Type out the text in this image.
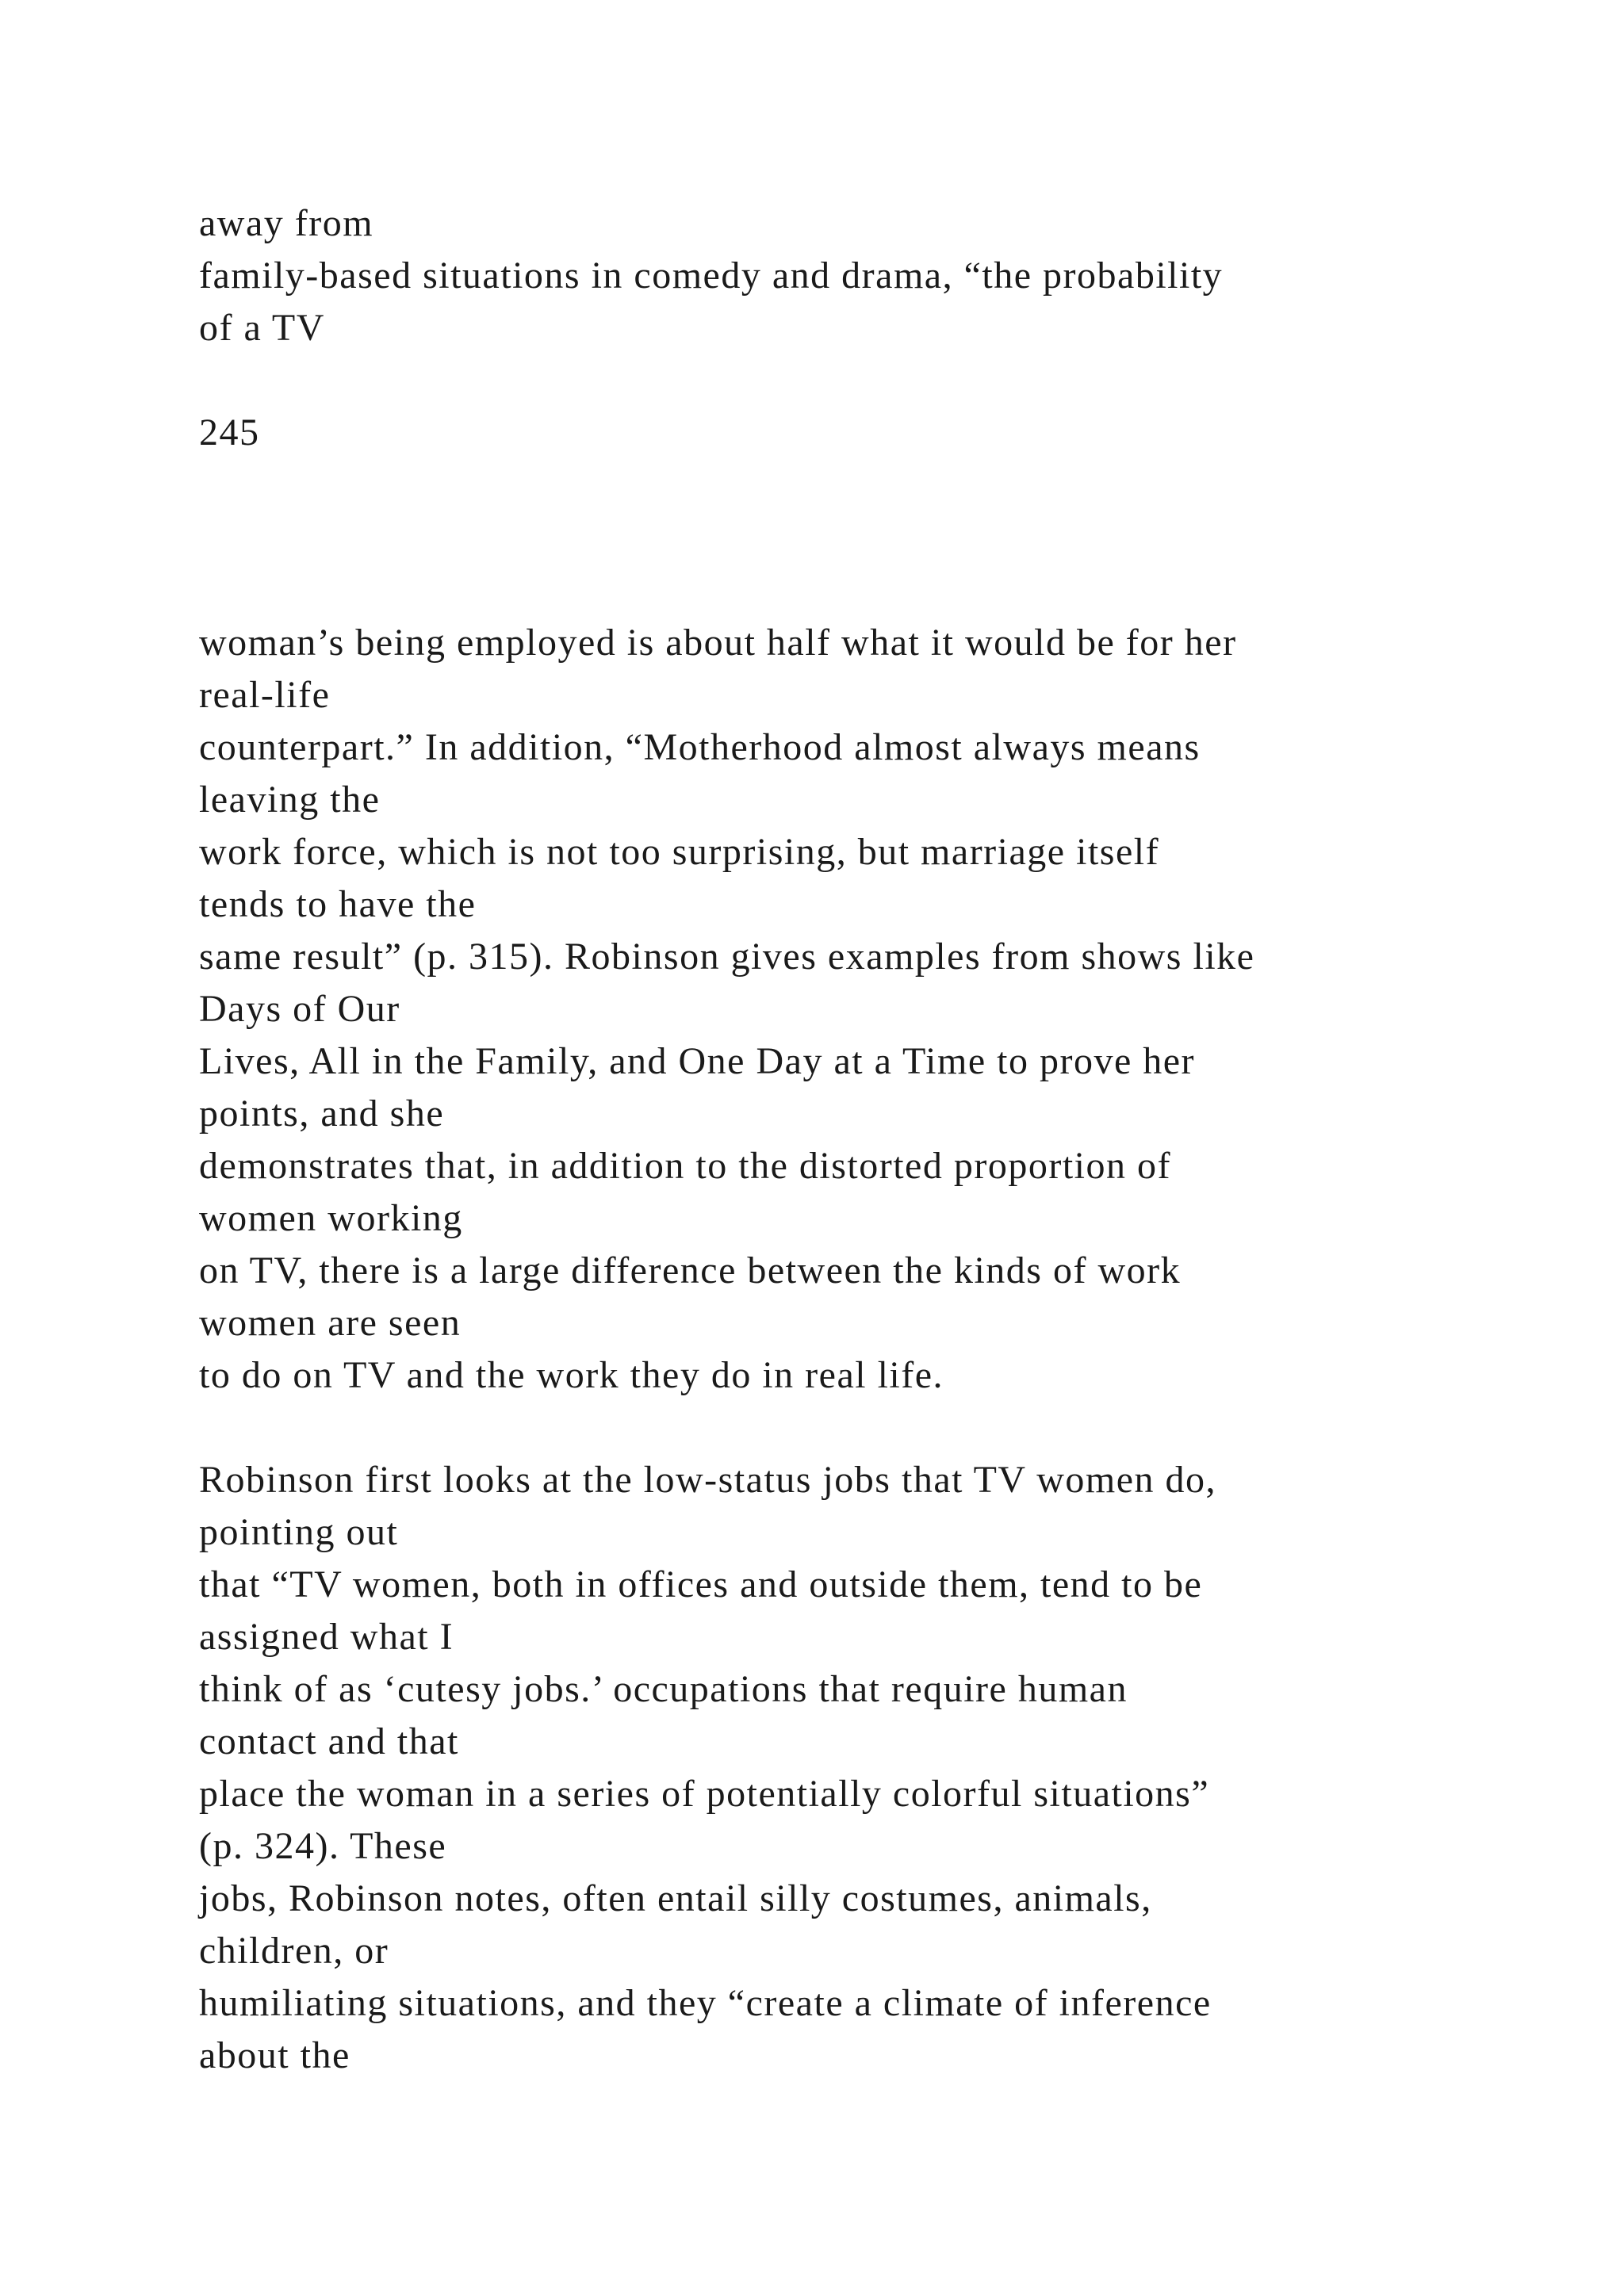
away from

family-based situations in comedy and drama, “the probability

of a TV

245

woman’s being employed is about half what it would be for her

real-life

counterpart.” In addition, “Motherhood almost always means

leaving the

work force, which is not too surprising, but marriage itself

tends to have the

same result” (p. 315). Robinson gives examples from shows like

Days of Our

Lives, All in the Family, and One Day at a Time to prove her

points, and she

demonstrates that, in addition to the distorted proportion of

women working

on TV, there is a large difference between the kinds of work

women are seen

to do on TV and the work they do in real life.

Robinson first looks at the low-status jobs that TV women do,

pointing out

that “TV women, both in offices and outside them, tend to be

assigned what I

think of as ‘cutesy jobs.’ occupations that require human

contact and that

place the woman in a series of potentially colorful situations”

(p. 324). These

jobs, Robinson notes, often entail silly costumes, animals,

children, or

humiliating situations, and they “create a climate of inference

about the
